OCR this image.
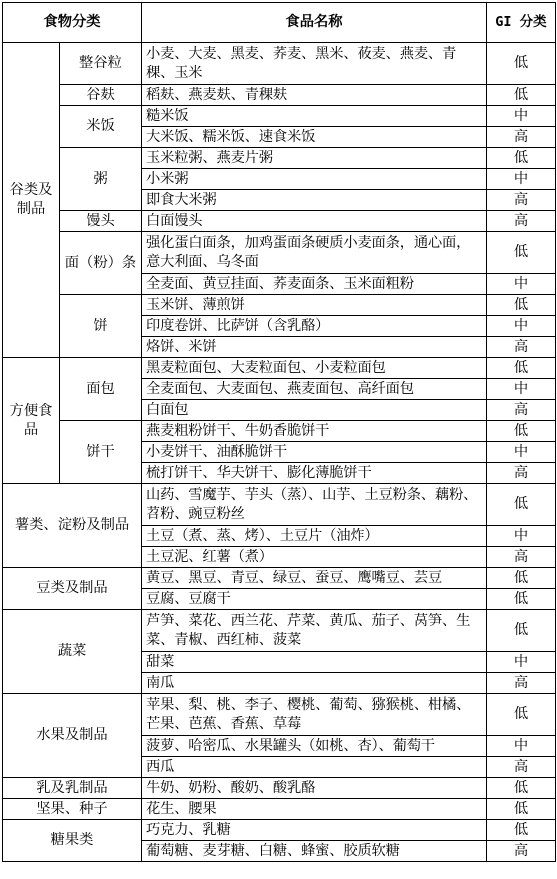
食物分类		食品名称	GI 分类
谷类及制品	整谷粒	小麦、大麦、黑麦、荞麦、黑米、莜麦、燕麦、青稞、玉米	低
	谷麸	稻麸、燕麦麸、青稞麸	低
	米饭	糙米饭	中
		大米饭、糯米饭、速食米饭	高
	粥	玉米粒粥、燕麦片粥	低
		小米粥	中
		即食大米粥	高
	馒头	白面馒头	高
	面（粉）条	强化蛋白面条，加鸡蛋面条硬质小麦面条，通心面，意大利面、乌冬面	低
		全麦面、黄豆挂面、荞麦面条、玉米面粗粉	中
	饼	玉米饼、薄煎饼	低
		印度卷饼、比萨饼（含乳酪）	中
		烙饼、米饼	高
方便食品	面包	黑麦粒面包、大麦粒面包、小麦粒面包	低
		全麦面包、大麦面包、燕麦面包、高纤面包	中
		白面包	高
	饼干	燕麦粗粉饼干、牛奶香脆饼干	低
		小麦饼干、油酥脆饼干	中
		梳打饼干、华夫饼干、膨化薄脆饼干	高
薯类、淀粉及制品		山药、雪魔芋、芋头（蒸）、山芋、土豆粉条、藕粉、苕粉、豌豆粉丝	低
		土豆（煮、蒸、烤）、土豆片（油炸）	中
		土豆泥、红薯（煮）	高
豆类及制品		黄豆、黑豆、青豆、绿豆、蚕豆、鹰嘴豆、芸豆	低
		豆腐、豆腐干	低
蔬菜		芦笋、菜花、西兰花、芹菜、黄瓜、茄子、莴笋、生菜、青椒、西红柿、菠菜	低
		甜菜	中
		南瓜	高
水果及制品		苹果、梨、桃、李子、樱桃、葡萄、猕猴桃、柑橘、芒果、芭蕉、香蕉、草莓	低
		菠萝、哈密瓜、水果罐头（如桃、杏）、葡萄干	中
		西瓜	高
乳及乳制品		牛奶、奶粉、酸奶、酸乳酪	低
坚果、种子		花生、腰果	低
糖果类		巧克力、乳糖	低
		葡萄糖、麦芽糖、白糖、蜂蜜、胶质软糖	高
